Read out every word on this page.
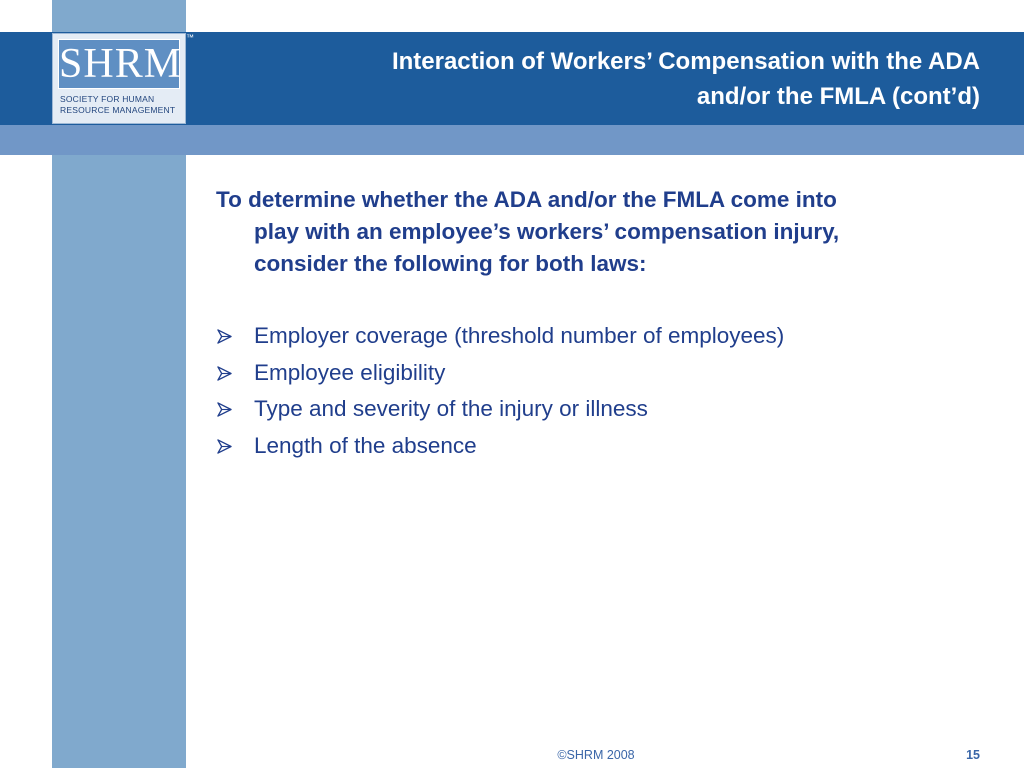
SHRM
SOCIETY FOR HUMAN
RESOURCE MANAGEMENT
™
Interaction of Workers’ Compensation with the ADA
and/or the FMLA (cont’d)
To determine whether the ADA and/or the FMLA come into
play with an employee’s workers’ compensation injury,
consider the following for both laws:
Employer coverage (threshold number of employees)
Employee eligibility
Type and severity of the injury or illness
Length of the absence
©SHRM 2008	15
